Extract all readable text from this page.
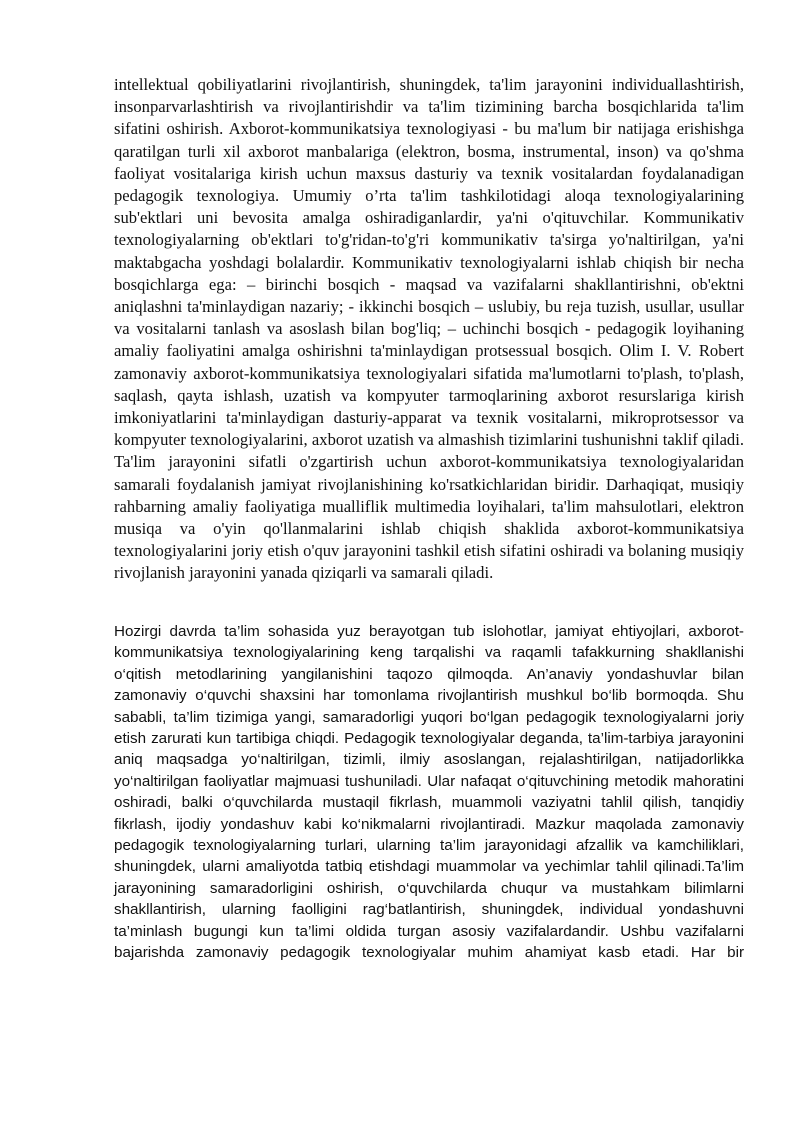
intellektual qobiliyatlarini rivojlantirish, shuningdek, ta'lim jarayonini individuallashtirish, insonparvarlashtirish va rivojlantirishdir va ta'lim tizimining barcha bosqichlarida ta'lim sifatini oshirish. Axborot-kommunikatsiya texnologiyasi - bu ma'lum bir natijaga erishishga qaratilgan turli xil axborot manbalariga (elektron, bosma, instrumental, inson) va qo'shma faoliyat vositalariga kirish uchun maxsus dasturiy va texnik vositalardan foydalanadigan pedagogik texnologiya. Umumiy o’rta ta'lim tashkilotidagi aloqa texnologiyalarining sub'ektlari uni bevosita amalga oshiradiganlardir, ya'ni o'qituvchilar. Kommunikativ texnologiyalarning ob'ektlari to'g'ridan-to'g'ri kommunikativ ta'sirga yo'naltirilgan, ya'ni maktabgacha yoshdagi bolalardir. Kommunikativ texnologiyalarni ishlab chiqish bir necha bosqichlarga ega: – birinchi bosqich - maqsad va vazifalarni shakllantirishni, ob'ektni aniqlashni ta'minlaydigan nazariy; - ikkinchi bosqich – uslubiy, bu reja tuzish, usullar, usullar va vositalarni tanlash va asoslash bilan bog'liq; – uchinchi bosqich - pedagogik loyihaning amaliy faoliyatini amalga oshirishni ta'minlaydigan protsessual bosqich. Olim I. V. Robert zamonaviy axborot-kommunikatsiya texnologiyalari sifatida ma'lumotlarni to'plash, to'plash, saqlash, qayta ishlash, uzatish va kompyuter tarmoqlarining axborot resurslariga kirish imkoniyatlarini ta'minlaydigan dasturiy-apparat va texnik vositalarni, mikroprotsessor va kompyuter texnologiyalarini, axborot uzatish va almashish tizimlarini tushunishni taklif qiladi. Ta'lim jarayonini sifatli o'zgartirish uchun axborot-kommunikatsiya texnologiyalaridan samarali foydalanish jamiyat rivojlanishining ko'rsatkichlaridan biridir. Darhaqiqat, musiqiy rahbarning amaliy faoliyatiga mualliflik multimedia loyihalari, ta'lim mahsulotlari, elektron musiqa va o'yin qo'llanmalarini ishlab chiqish shaklida axborot-kommunikatsiya texnologiyalarini joriy etish o'quv jarayonini tashkil etish sifatini oshiradi va bolaning musiqiy rivojlanish jarayonini yanada qiziqarli va samarali qiladi.

Hozirgi davrda ta’lim sohasida yuz berayotgan tub islohotlar, jamiyat ehtiyojlari, axborot-kommunikatsiya texnologiyalarining keng tarqalishi va raqamli tafakkurning shakllanishi o‘qitish metodlarining yangilanishini taqozo qilmoqda. An’anaviy yondashuvlar bilan zamonaviy o‘quvchi shaxsini har tomonlama rivojlantirish mushkul bo‘lib bormoqda. Shu sababli, ta’lim tizimiga yangi, samaradorligi yuqori bo‘lgan pedagogik texnologiyalarni joriy etish zarurati kun tartibiga chiqdi. Pedagogik texnologiyalar deganda, ta’lim-tarbiya jarayonini aniq maqsadga yo‘naltirilgan, tizimli, ilmiy asoslangan, rejalashtirilgan, natijadorlikka yo‘naltirilgan faoliyatlar majmuasi tushuniladi. Ular nafaqat o‘qituvchining metodik mahoratini oshiradi, balki o‘quvchilarda mustaqil fikrlash, muammoli vaziyatni tahlil qilish, tanqidiy fikrlash, ijodiy yondashuv kabi ko‘nikmalarni rivojlantiradi. Mazkur maqolada zamonaviy pedagogik texnologiyalarning turlari, ularning ta’lim jarayonidagi afzallik va kamchiliklari, shuningdek, ularni amaliyotda tatbiq etishdagi muammolar va yechimlar tahlil qilinadi.Ta’lim jarayonining samaradorligini oshirish, o‘quvchilarda chuqur va mustahkam bilimlarni shakllantirish, ularning faolligini rag‘batlantirish, shuningdek, individual yondashuvni ta’minlash bugungi kun ta’limi oldida turgan asosiy vazifalardandir. Ushbu vazifalarni bajarishda zamonaviy pedagogik texnologiyalar muhim ahamiyat kasb etadi. Har bir
